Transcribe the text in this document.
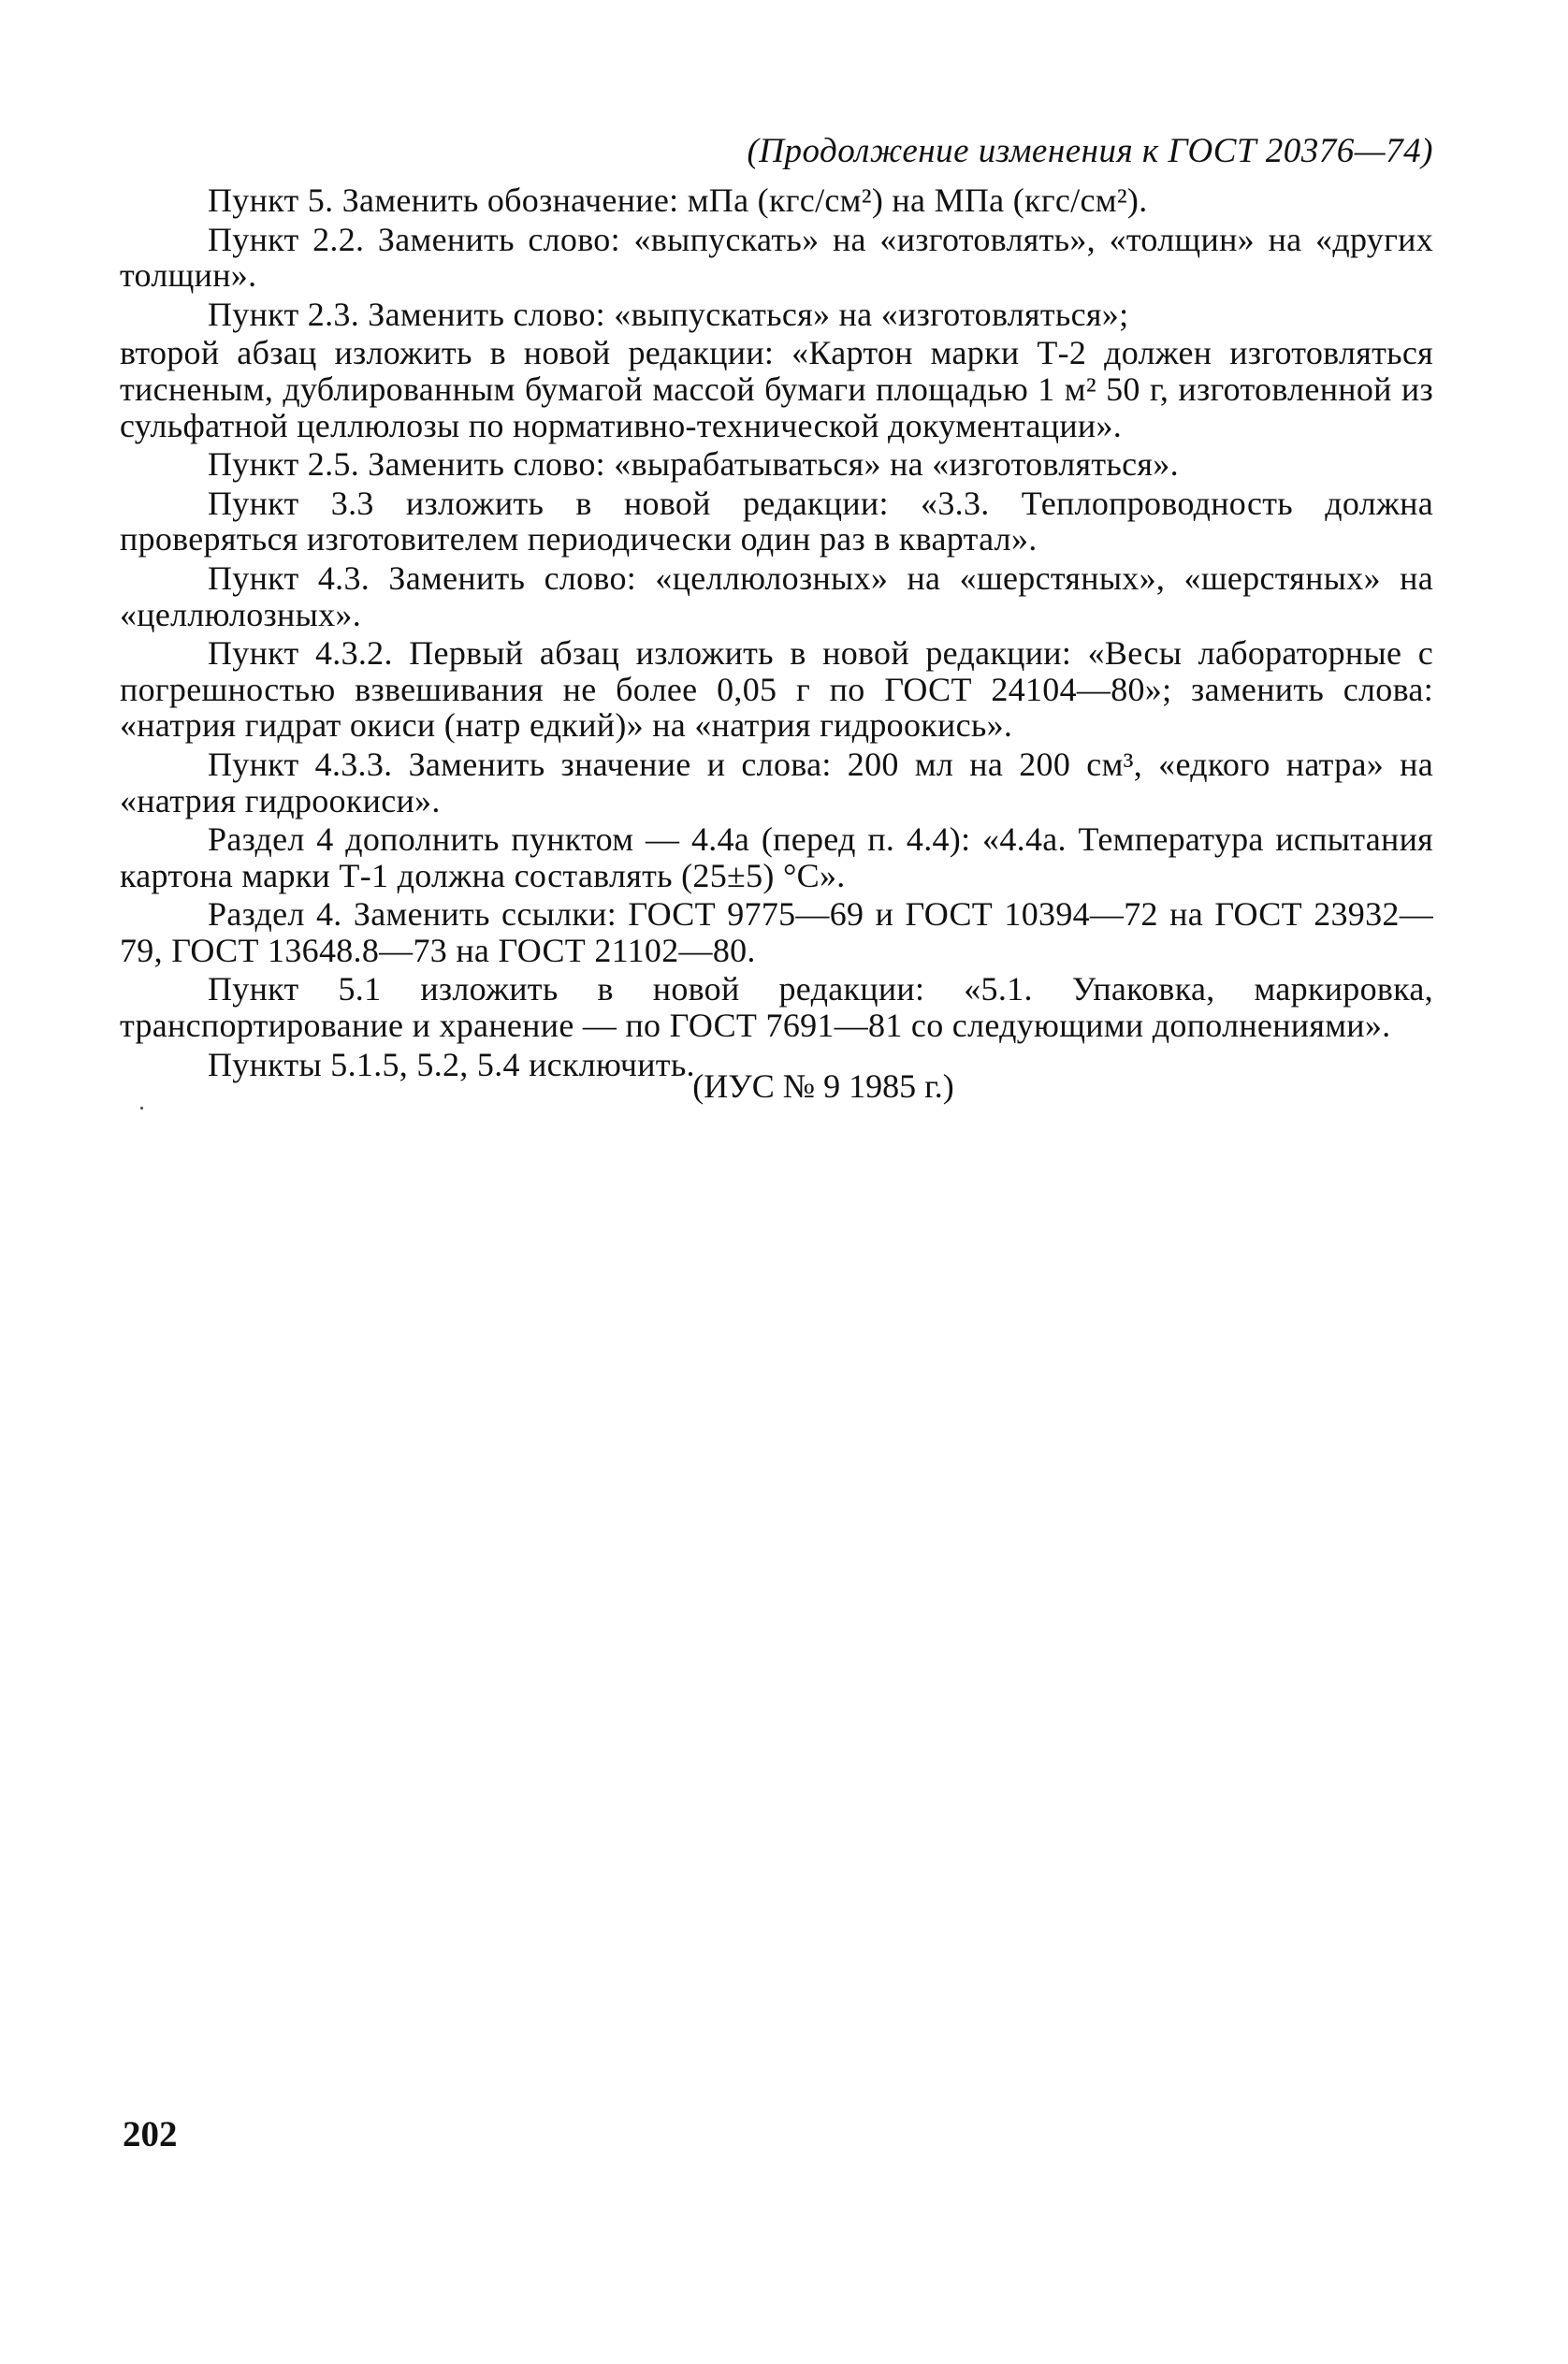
(Продолжение изменения к ГОСТ 20376—74)

Пункт 5. Заменить обозначение: мПа (кгс/см²) на МПа (кгс/см²).

Пункт 2.2. Заменить слово: «выпускать» на «изготовлять», «толщин» на «других толщин».

Пункт 2.3. Заменить слово: «выпускаться» на «изготовляться»;

второй абзац изложить в новой редакции: «Картон марки Т-2 должен изготовляться тисненым, дублированным бумагой массой бумаги площадью 1 м² 50 г, изготовленной из сульфатной целлюлозы по нормативно-технической документации».

Пункт 2.5. Заменить слово: «вырабатываться» на «изготовляться».

Пункт 3.3 изложить в новой редакции: «3.3. Теплопроводность должна проверяться изготовителем периодически один раз в квартал».

Пункт 4.3. Заменить слово: «целлюлозных» на «шерстяных», «шерстяных» на «целлюлозных».

Пункт 4.3.2. Первый абзац изложить в новой редакции: «Весы лабораторные с погрешностью взвешивания не более 0,05 г по ГОСТ 24104—80»; заменить слова: «натрия гидрат окиси (натр едкий)» на «натрия гидроокись».

Пункт 4.3.3. Заменить значение и слова: 200 мл на 200 см³, «едкого натра» на «натрия гидроокиси».

Раздел 4 дополнить пунктом — 4.4а (перед п. 4.4): «4.4а. Температура испытания картона марки Т-1 должна составлять (25±5) °С».

Раздел 4. Заменить ссылки: ГОСТ 9775—69 и ГОСТ 10394—72 на ГОСТ 23932—79, ГОСТ 13648.8—73 на ГОСТ 21102—80.

Пункт 5.1 изложить в новой редакции: «5.1. Упаковка, маркировка, транспортирование и хранение — по ГОСТ 7691—81 со следующими дополнениями».

Пункты 5.1.5, 5.2, 5.4 исключить.

(ИУС № 9 1985 г.)
202
